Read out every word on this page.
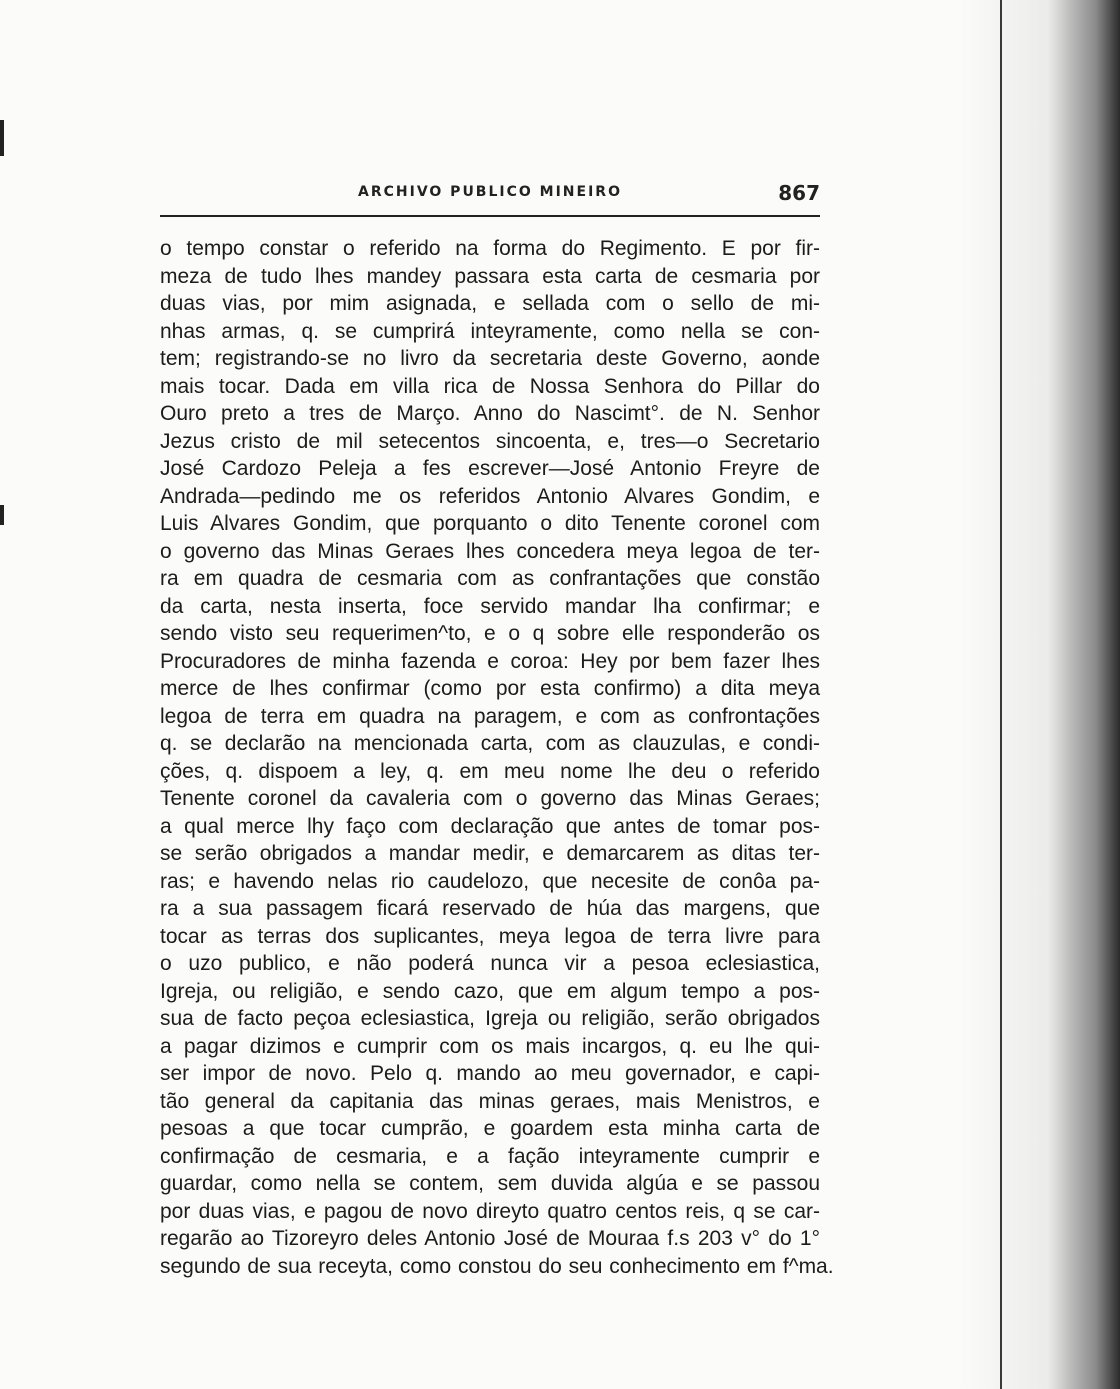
ARCHIVO PUBLICO MINEIRO	867
o tempo constar o referido na forma do Regimento. E por fir-
meza de tudo lhes mandey passara esta carta de cesmaria por
duas vias, por mim asignada, e sellada com o sello de mi-
nhas armas, q. se cumprirá inteyramente, como nella se con-
tem; registrando-se no livro da secretaria deste Governo, aonde
mais tocar. Dada em villa rica de Nossa Senhora do Pillar do
Ouro preto a tres de Março. Anno do Nascimt°. de N. Senhor
Jezus cristo de mil setecentos sincoenta, e, tres—o Secretario
José Cardozo Peleja a fes escrever—José Antonio Freyre de
Andrada—pedindo me os referidos Antonio Alvares Gondim, e
Luis Alvares Gondim, que porquanto o dito Tenente coronel com
o governo das Minas Geraes lhes concedera meya legoa de ter-
ra em quadra de cesmaria com as confrantações que constão
da carta, nesta inserta, foce servido mandar lha confirmar; e
sendo visto seu requerimen^to, e o q sobre elle responderão os
Procuradores de minha fazenda e coroa: Hey por bem fazer lhes
merce de lhes confirmar (como por esta confirmo) a dita meya
legoa de terra em quadra na paragem, e com as confrontações
q. se declarão na mencionada carta, com as clauzulas, e condi-
ções, q. dispoem a ley, q. em meu nome lhe deu o referido
Tenente coronel da cavaleria com o governo das Minas Geraes;
a qual merce lhy faço com declaração que antes de tomar pos-
se serão obrigados a mandar medir, e demarcarem as ditas ter-
ras; e havendo nelas rio caudelozo, que necesite de conôa pa-
ra a sua passagem ficará reservado de húa das margens, que
tocar as terras dos suplicantes, meya legoa de terra livre para
o uzo publico, e não poderá nunca vir a pesoa eclesiastica,
Igreja, ou religião, e sendo cazo, que em algum tempo a pos-
sua de facto peçoa eclesiastica, Igreja ou religião, serão obrigados
a pagar dizimos e cumprir com os mais incargos, q. eu lhe qui-
ser impor de novo. Pelo q. mando ao meu governador, e capi-
tão general da capitania das minas geraes, mais Menistros, e
pesoas a que tocar cumprão, e goardem esta minha carta de
confirmação de cesmaria, e a fação inteyramente cumprir e
guardar, como nella se contem, sem duvida algúa e se passou
por duas vias, e pagou de novo direyto quatro centos reis, q se car-
regarão ao Tizoreyro deles Antonio José de Mouraa f.s 203 v° do 1°
segundo de sua receyta, como constou do seu conhecimento em f^ma.
